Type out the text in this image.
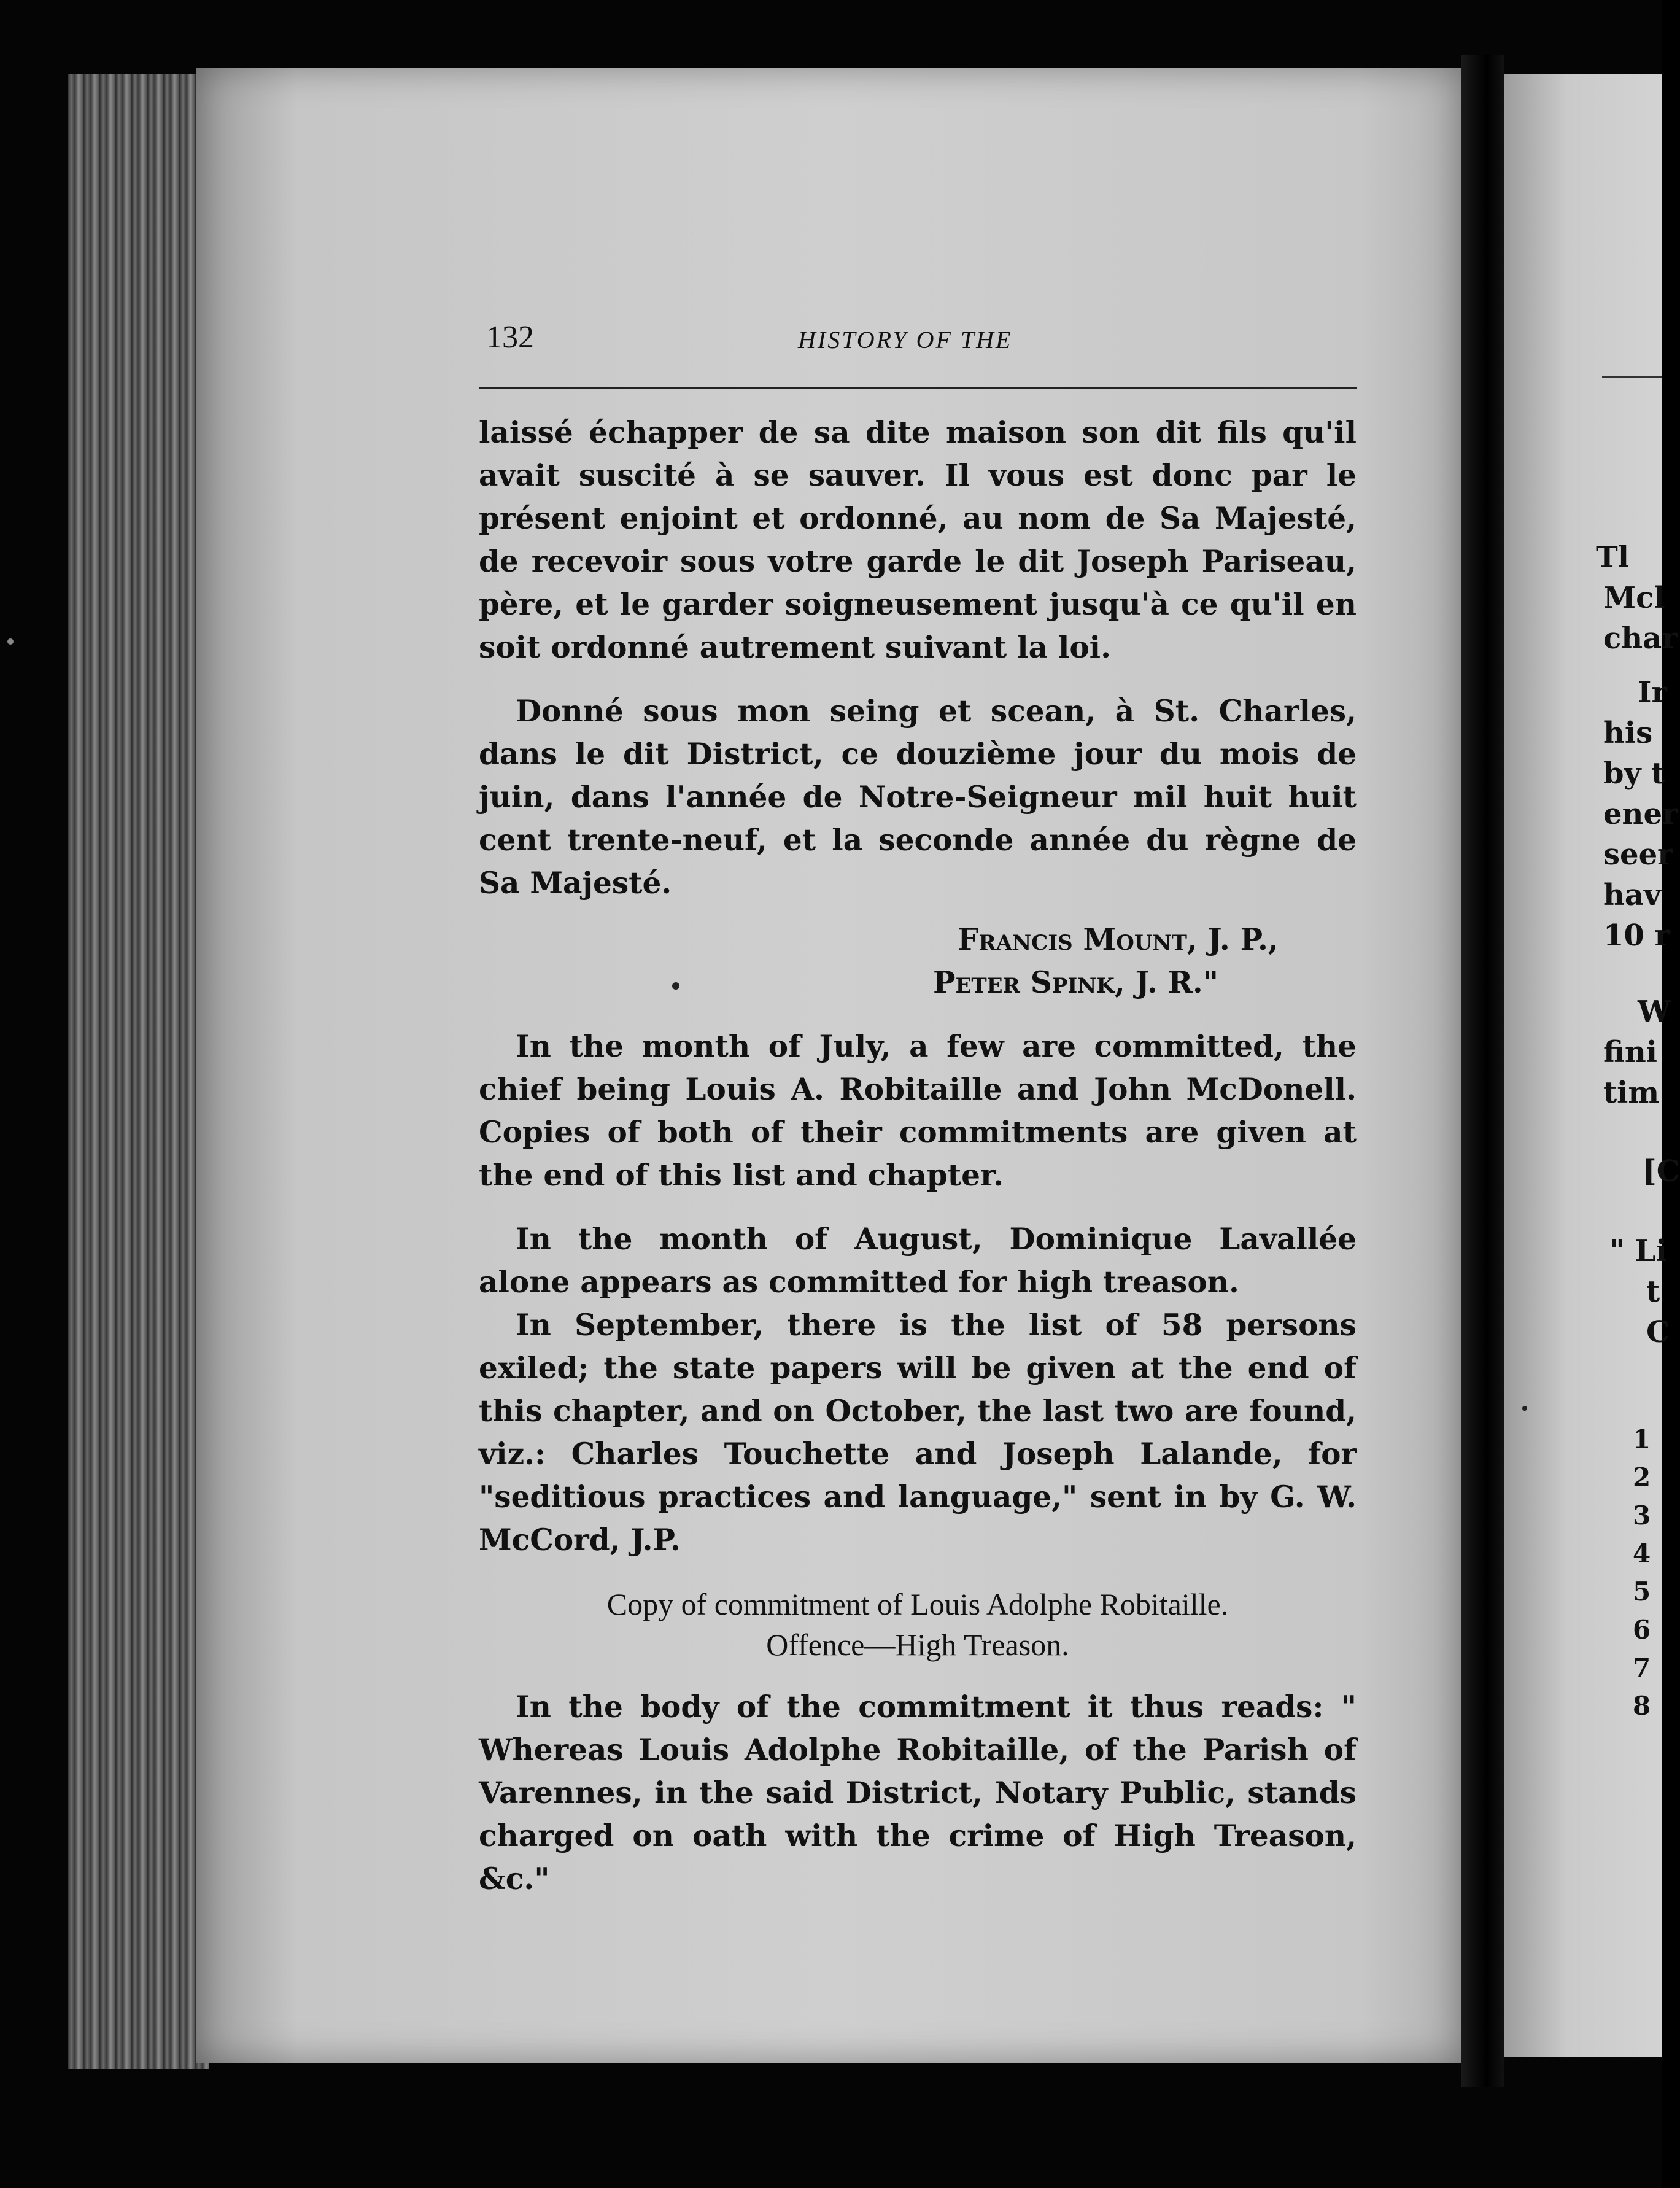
132	HISTORY OF THE

laissé échapper de sa dite maison son dit fils qu'il avait suscité à se sauver. Il vous est donc par le présent enjoint et ordonné, au nom de Sa Majesté, de recevoir sous votre garde le dit Joseph Pariseau, père, et le garder soigneusement jusqu'à ce qu'il en soit ordonné autrement suivant la loi.

Donné sous mon seing et scean, à St. Charles, dans le dit District, ce douzième jour du mois de juin, dans l'année de Notre-Seigneur mil huit huit cent trente-neuf, et la seconde année du règne de Sa Majesté.

Francis Mount, J. P.,

Peter Spink, J. R."

In the month of July, a few are committed, the chief being Louis A. Robitaille and John McDonell. Copies of both of their commitments are given at the end of this list and chapter.

In the month of August, Dominique Lavallée alone appears as committed for high treason.

In September, there is the list of 58 persons exiled; the state papers will be given at the end of this chapter, and on October, the last two are found, viz.: Charles Touchette and Joseph Lalande, for "seditious practices and language," sent in by G. W. McCord, J.P.

Copy of commitment of Louis Adolphe Robitaille.

Offence—High Treason.

In the body of the commitment it thus reads: " Whereas Louis Adolphe Robitaille, of the Parish of Varennes, in the said District, Notary Public, stands charged on oath with the crime of High Treason, &c."

Tl
Mcl
char
Ir
his
by t
ener
seer
hav
10 r
W
fini
tim
[C
" Li
t
C
1
2
3
4
5
6
7
8
